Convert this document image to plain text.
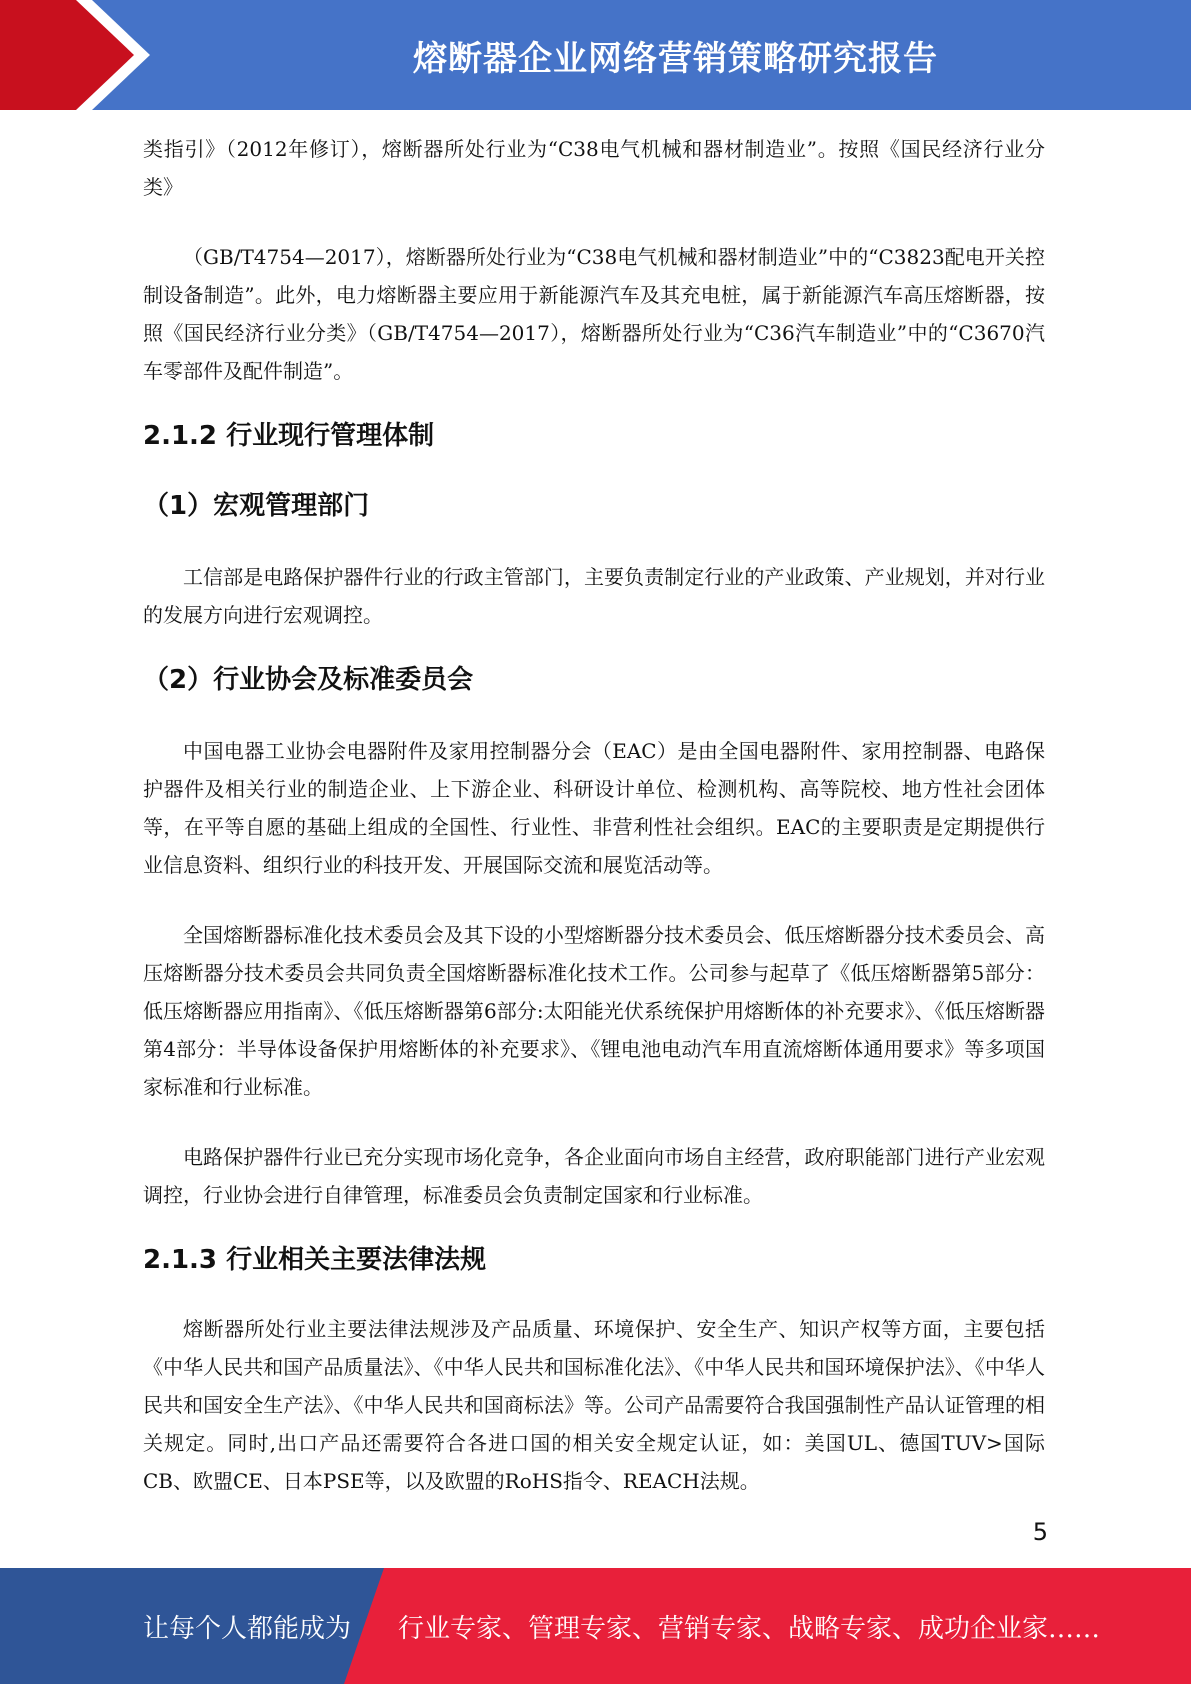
熔断器企业网络营销策略研究报告

类指引》（2012年修订），熔断器所处行业为“C38电气机械和器材制造业”。按照《国民经济行业分类》

（GB/T4754—2017），熔断器所处行业为“C38电气机械和器材制造业”中的“C3823配电开关控制设备制造”。此外，电力熔断器主要应用于新能源汽车及其充电桩，属于新能源汽车高压熔断器，按照《国民经济行业分类》（GB/T4754—2017），熔断器所处行业为“C36汽车制造业”中的“C3670汽车零部件及配件制造”。

2.1.2 行业现行管理体制
（1）宏观管理部门

工信部是电路保护器件行业的行政主管部门，主要负责制定行业的产业政策、产业规划，并对行业的发展方向进行宏观调控。

（2）行业协会及标准委员会

中国电器工业协会电器附件及家用控制器分会（EAC）是由全国电器附件、家用控制器、电路保护器件及相关行业的制造企业、上下游企业、科研设计单位、检测机构、高等院校、地方性社会团体等，在平等自愿的基础上组成的全国性、行业性、非营利性社会组织。EAC的主要职责是定期提供行业信息资料、组织行业的科技开发、开展国际交流和展览活动等。

全国熔断器标准化技术委员会及其下设的小型熔断器分技术委员会、低压熔断器分技术委员会、高压熔断器分技术委员会共同负责全国熔断器标准化技术工作。公司参与起草了《低压熔断器第5部分：低压熔断器应用指南》、《低压熔断器第6部分:太阳能光伏系统保护用熔断体的补充要求》、《低压熔断器第4部分：半导体设备保护用熔断体的补充要求》、《锂电池电动汽车用直流熔断体通用要求》等多项国家标准和行业标准。

电路保护器件行业已充分实现市场化竞争，各企业面向市场自主经营，政府职能部门进行产业宏观调控，行业协会进行自律管理，标准委员会负责制定国家和行业标准。

2.1.3 行业相关主要法律法规

熔断器所处行业主要法律法规涉及产品质量、环境保护、安全生产、知识产权等方面，主要包括《中华人民共和国产品质量法》、《中华人民共和国标准化法》、《中华人民共和国环境保护法》、《中华人民共和国安全生产法》、《中华人民共和国商标法》等。公司产品需要符合我国强制性产品认证管理的相关规定。同时,出口产品还需要符合各进口国的相关安全规定认证，如：美国UL、德国TUV>国际CB、欧盟CE、日本PSE等，以及欧盟的RoHS指令、REACH法规。

5
让每个人都能成为 行业专家、管理专家、营销专家、战略专家、成功企业家……
